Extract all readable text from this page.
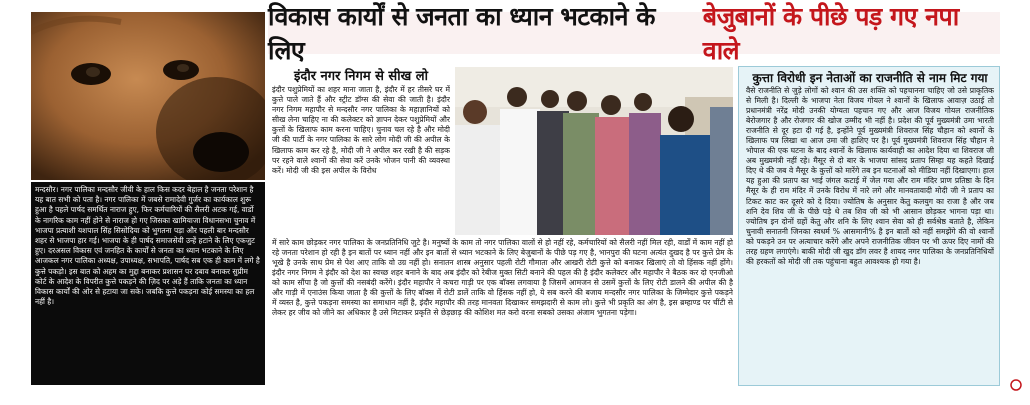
मन्दसौर। नगर पालिका मन्दसौर जीवी के हाल किस कदर बेहाल है जनता परेशान है यह बात सभी को पता है। नगर पालिका में जबसे रामादेवी गुर्जर का कार्यकाल शुरू हुआ है पहले पार्षद समर्थित नाराज हुए, फिर कर्मचारियों की सैलरी अटक गई, वार्डो के नागरिक काम नहीं होने से नाराज हो गए जिसका खामियाजा विधानसभा चुनाव में भाजपा प्रत्याशी यशपाल सिंह सिसोदिया को भुगतना पड़ा और पहली बार मन्दसौर शहर से भाजपा हार गई। भाजपा के ही पार्षद समाजसेवी उन्हें हटाने के लिए एकजुट हुए। दरअसल विकास एवं जनहित के कार्यों से जनता का ध्यान भटकाने के लिए आजकल नगर पालिका अध्यक्ष, उपाध्यक्ष, सभापति, पार्षद सब एक ही काम में लगे है कुत्ते पकड़ो। इस बात को अहम का मुद्दा बनाकर प्रशासन पर दबाव बनाकर सुप्रीम कोर्ट के आदेश के विपरीत कुत्ते पकड़ने की ज़िद पर अड़े हैं ताकि जनता का ध्यान विकास कार्यों की ओर से हटाया जा सके। जबकि कुत्ते पकड़ना कोई समस्या का हल नहीं है।

विकास कार्यों से जनता का ध्यान भटकाने के लिए
बेजुबानों के पीछे पड़ गए नपा वाले
इंदौर नगर निगम से सीख लो

इंदौर पशुप्रेमियों का शहर माना जाता है, इंदौर में हर तीसरे घर में कुत्ते पाले जाते हैं और स्ट्रीट डॉग्स की सेवा की जाती है। इंदौर नगर निगम महापौर से मन्दसौर नगर पालिका के महाज्ञानियों को सीख लेना चाहिए ना की कलेक्टर को ज्ञापन देकर पशुप्रेमियों और कुत्तों के खिलाफ काम करना चाहिए। चुनाव चल रहे है और मोदी जी की पार्टी के नगर पालिका के सारे लोग मोदी जी की अपील के खिलाफ काम कर रहे है, मोदी जी ने अपील कर रखी है की सड़क पर रहने वाले श्वानों की सेवा करें उनके भोजन पानी की व्यवस्था करें। मोदी जी की इस अपील के विरोध

में सारे काम छोड़कर नगर पालिका के जनप्रतिनिधि जुटे है। मनुष्यों के काम तो नगर पालिका वालों से हो नहीं रहे, कर्मचारियों को सैलरी नहीं मिल रही, वार्डों में काम नहीं हो रहे जनता परेशान हो रही है इन बातों पर ध्यान नहीं और इन बातों से ध्यान भटकाने के लिए बेजुबानों के पीछे पड़ गए है, भानपुरा की घटना अत्यंत दुखद है पर कुत्ते प्रेम के भूखे है उनके साथ प्रेम से पेश आए ताकि वो उग्र नहीं हो। सनातन शास्त्र अनुसार पहली रोटी गौमाता और आखरी रोटी कुत्ते को बनाकर खिलाएं तो वो हिंसक नहीं होंगे। इंदौर नगर निगम ने इंदौर को देश का स्वच्छ शहर बनाने के बाद अब इंदौर को रेबीज मुक्त सिटी बनाने की पहल की है इंदौर कलेक्टर और महापौर ने बैठक कर दो एनजीओ को काम सौंपा है जो कुत्तों की नसबंदी करेंगे। इंदौर महापौर ने कचरा गाड़ी पर एक बॉक्स लगवाया है जिसमें आमजन से उसमें कुत्तों के लिए रोटी डालने की अपील की है और गाड़ी में एनाउंस किया जाता है की कुत्तों के लिए बॉक्स में रोटी डालें ताकि वो हिंसक नहीं हो, ये सब करने की बजाय मन्दसौर नगर पालिका के जिम्मेदार कुत्ते पकड़ने में व्यस्त है, कुत्ते पकड़ना समस्या का समाधान नहीं है, इंदौर महापौर की तरह मानवता दिखाकर समझदारी से काम लो। कुत्ते भी प्रकृति का अंग है, इस ब्रम्हाण्ड पर चींटी से लेकर हर जीव को जीने का अधिकार है उसे मिटाकर प्रकृति से छेड़छाड़ की कोशिश मत करो वरना सबको उसका अंजाम भुगतना पड़ेगा।

कुत्ता विरोधी इन नेताओं का राजनीति से नाम मिट गया

वैसे राजनीति से जुड़े लोगों को श्वान की उस शक्ति को पहचानना चाहिए जो उसे प्राकृतिक से मिली है। दिल्ली के भाजपा नेता विजय गोयल ने श्वानों के खिलाफ आवाज़ उठाई तो प्रधानमंत्री नरेंद्र मोदी उनकी योग्यता पहचान गए और आज विजय गोयल राजनीतिक बेरोजगार है और रोजगार की खोज उम्मीद भी नहीं है। प्रदेश की पूर्व मुख्यमंत्री उमा भारती राजनीति से दूर हटा दी गई है, इन्होंने पूर्व मुख्यमंत्री शिवराज सिंह चौहान को श्वानों के खिलाफ पत्र लिखा था आज उमा जी हाशिए पर है। पूर्व मुख्यमंत्री शिवराज सिंह चौहान ने भोपाल की एक घटना के बाद श्वानों के खिलाफ कार्यवाही का आदेश दिया था शिवराज जी अब मुख्यमंत्री नहीं रहे। मैसूर से दो बार के भाजपा सांसद प्रताप सिम्हा यह कहते दिखाई दिए थे की जब वे मैसूर के कुत्तों को मारेंगे तब इन घटनाओं को मीडिया नहीं दिखाएगा। हाल यह हुआ की प्रताप का भाई जंगल कटाई में जेल गया और राम मंदिर प्राण प्रतिष्ठा के दिन मैसूर के ही राम मंदिर में उनके विरोध में नारे लगे और मानवतावादी मोदी जी ने प्रताप का टिकट काट कर दूसरे को दे दिया। ज्योतिष के अनुसार केतु कलयुग का राजा है और जब शनि देव शिव जी के पीछे पड़े थे तब शिव जी को भी आसान छोड़कर भागना पड़ा था। ज्योतिष इन दोनों ग्रहों केतु और शनि के लिए श्वान सेवा को ही सर्वश्रेष्ठ बताते है, लेकिन चुनावी सनातनी जिनका स्वधर्म % आसमानी% है इन बातों को नहीं समझेंगे की वो श्वानों को पकड़ने उन पर अत्याचार करेंगे और अपने राजनीतिक जीवन पर भी ऊपर दिए नामों की तरह ग्रहण लगाएंगे। बाकी मोदी जी खुद डॉग लवर है शायद नगर पालिका के जनप्रतिनिधियों की हरकतों को मोदी जी तक पहुंचाना बहुत आवश्यक हो गया है।
